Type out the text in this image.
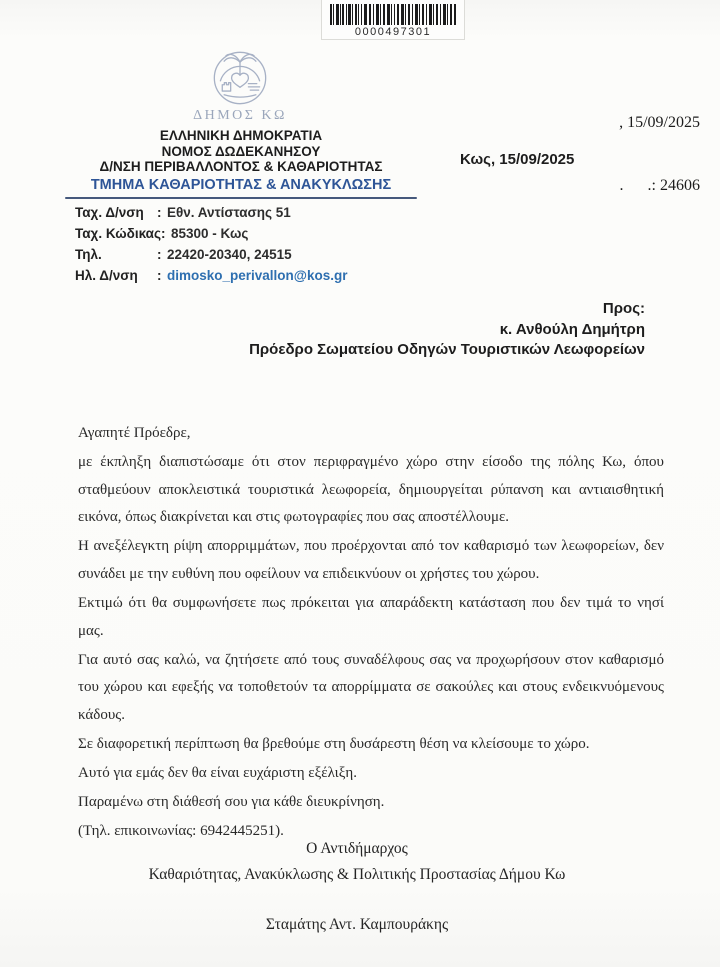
0000497301
ΔΗΜΟΣ ΚΩ

	, 15/09/2025

.      .: 24606

ΕΛΛΗΝΙΚΗ ΔΗΜΟΚΡΑΤΙΑ
ΝΟΜΟΣ ΔΩΔΕΚΑΝΗΣΟΥ
Δ/ΝΣΗ ΠΕΡΙΒΑΛΛΟΝΤΟΣ & ΚΑΘΑΡΙΟΤΗΤΑΣ
ΤΜΗΜΑ ΚΑΘΑΡΙΟΤΗΤΑΣ & ΑΝΑΚΥΚΛΩΣΗΣ
Κως, 15/09/2025
Ταχ. Δ/νση : Εθν. Αντίστασης 51
Ταχ. Κώδικας: 85300 - Κως
Τηλ.	: 22420-20340, 24515
Ηλ. Δ/νση : dimosko_perivallon@kos.gr
Προς:
κ. Ανθούλη Δημήτρη
Πρόεδρο Σωματείου Οδηγών Τουριστικών Λεωφορείων

Αγαπητέ Πρόεδρε,

με έκπληξη διαπιστώσαμε ότι στον περιφραγμένο χώρο στην είσοδο της πόλης Κω, όπου σταθμεύουν αποκλειστικά τουριστικά λεωφορεία, δημιουργείται ρύπανση και αντιαισθητική εικόνα, όπως διακρίνεται και στις φωτογραφίες που σας αποστέλλουμε.

Η ανεξέλεγκτη ρίψη απορριμμάτων, που προέρχονται από τον καθαρισμό των λεωφορείων, δεν συνάδει με την ευθύνη που οφείλουν να επιδεικνύουν οι χρήστες του χώρου.

Εκτιμώ ότι θα συμφωνήσετε πως πρόκειται για απαράδεκτη κατάσταση που δεν τιμά το νησί μας.

Για αυτό σας καλώ, να ζητήσετε από τους συναδέλφους σας να προχωρήσουν στον καθαρισμό του χώρου και εφεξής να τοποθετούν τα απορρίμματα σε σακούλες και στους ενδεικνυόμενους κάδους.

Σε διαφορετική περίπτωση θα βρεθούμε στη δυσάρεστη θέση να κλείσουμε το χώρο.

Αυτό για εμάς δεν θα είναι ευχάριστη εξέλιξη.

Παραμένω στη διάθεσή σου για κάθε διευκρίνηση.

(Τηλ. επικοινωνίας: 6942445251).

Ο Αντιδήμαρχος
Καθαριότητας, Ανακύκλωσης & Πολιτικής Προστασίας Δήμου Κω
Σταμάτης Αντ. Καμπουράκης
